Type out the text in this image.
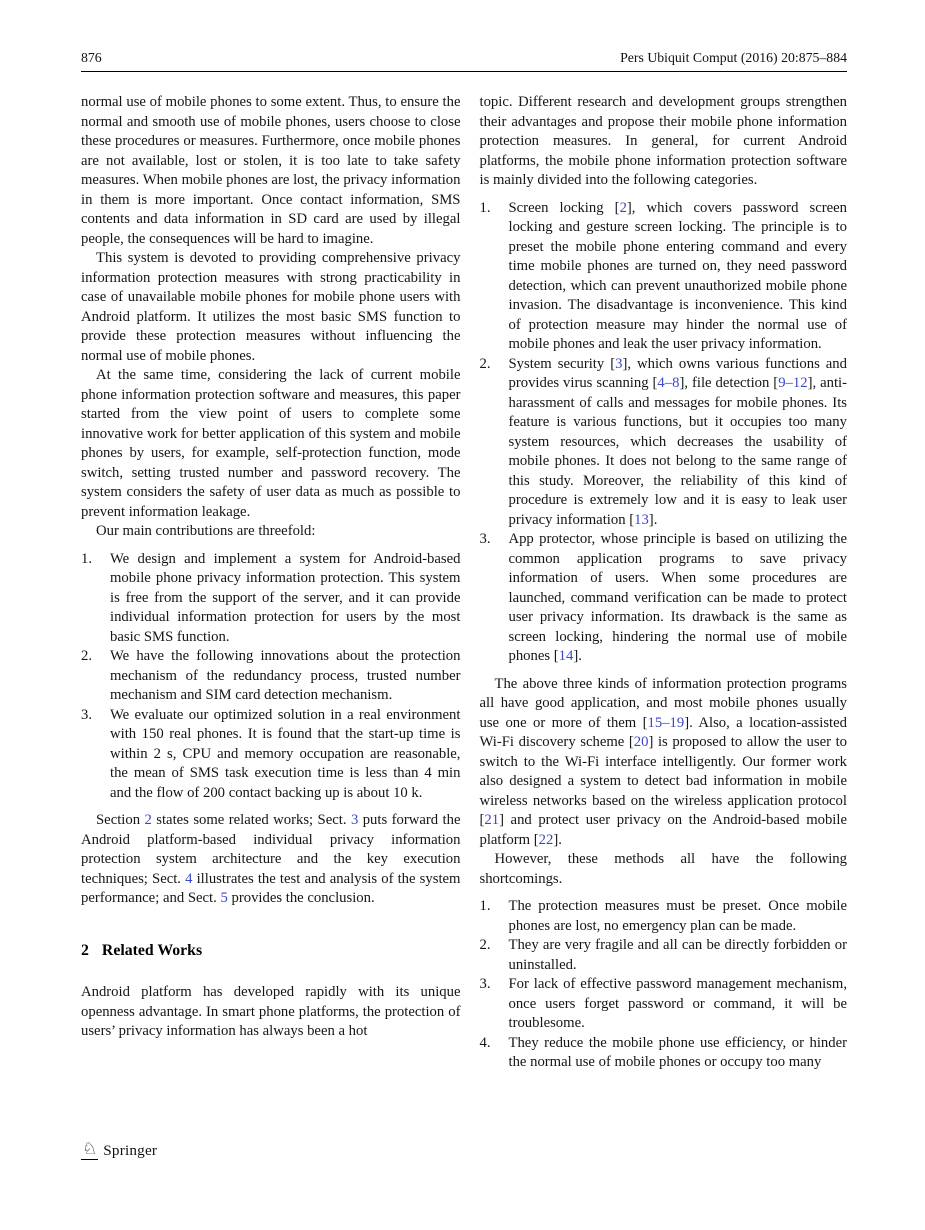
876	Pers Ubiquit Comput (2016) 20:875–884

normal use of mobile phones to some extent. Thus, to ensure the normal and smooth use of mobile phones, users choose to close these procedures or measures. Furthermore, once mobile phones are not available, lost or stolen, it is too late to take safety measures. When mobile phones are lost, the privacy information in them is more important. Once contact information, SMS contents and data information in SD card are used by illegal people, the consequences will be hard to imagine.

This system is devoted to providing comprehensive privacy information protection measures with strong practicability in case of unavailable mobile phones for mobile phone users with Android platform. It utilizes the most basic SMS function to provide these protection measures without influencing the normal use of mobile phones.

At the same time, considering the lack of current mobile phone information protection software and measures, this paper started from the view point of users to complete some innovative work for better application of this system and mobile phones by users, for example, self-protection function, mode switch, setting trusted number and password recovery. The system considers the safety of user data as much as possible to prevent information leakage.

Our main contributions are threefold:

1.	We design and implement a system for Android-based mobile phone privacy information protection. This system is free from the support of the server, and it can provide individual information protection for users by the most basic SMS function.
2.	We have the following innovations about the protection mechanism of the redundancy process, trusted number mechanism and SIM card detection mechanism.
3.	We evaluate our optimized solution in a real environment with 150 real phones. It is found that the start-up time is within 2 s, CPU and memory occupation are reasonable, the mean of SMS task execution time is less than 4 min and the flow of 200 contact backing up is about 10 k.

Section 2 states some related works; Sect. 3 puts forward the Android platform-based individual privacy information protection system architecture and the key execution techniques; Sect. 4 illustrates the test and analysis of the system performance; and Sect. 5 provides the conclusion.

2 Related Works

Android platform has developed rapidly with its unique openness advantage. In smart phone platforms, the protection of users’ privacy information has always been a hot

topic. Different research and development groups strengthen their advantages and propose their mobile phone information protection measures. In general, for current Android platforms, the mobile phone information protection software is mainly divided into the following categories.

1.	Screen locking [2], which covers password screen locking and gesture screen locking. The principle is to preset the mobile phone entering command and every time mobile phones are turned on, they need password detection, which can prevent unauthorized mobile phone invasion. The disadvantage is inconvenience. This kind of protection measure may hinder the normal use of mobile phones and leak the user privacy information.
2.	System security [3], which owns various functions and provides virus scanning [4–8], file detection [9–12], anti-harassment of calls and messages for mobile phones. Its feature is various functions, but it occupies too many system resources, which decreases the usability of mobile phones. It does not belong to the same range of this study. Moreover, the reliability of this kind of procedure is extremely low and it is easy to leak user privacy information [13].
3.	App protector, whose principle is based on utilizing the common application programs to save privacy information of users. When some procedures are launched, command verification can be made to protect user privacy information. Its drawback is the same as screen locking, hindering the normal use of mobile phones [14].

The above three kinds of information protection programs all have good application, and most mobile phones usually use one or more of them [15–19]. Also, a location-assisted Wi-Fi discovery scheme [20] is proposed to allow the user to switch to the Wi-Fi interface intelligently. Our former work also designed a system to detect bad information in mobile wireless networks based on the wireless application protocol [21] and protect user privacy on the Android-based mobile platform [22].

However, these methods all have the following shortcomings.

1.	The protection measures must be preset. Once mobile phones are lost, no emergency plan can be made.
2.	They are very fragile and all can be directly forbidden or uninstalled.
3.	For lack of effective password management mechanism, once users forget password or command, it will be troublesome.
4.	They reduce the mobile phone use efficiency, or hinder the normal use of mobile phones or occupy too many
♘ Springer
